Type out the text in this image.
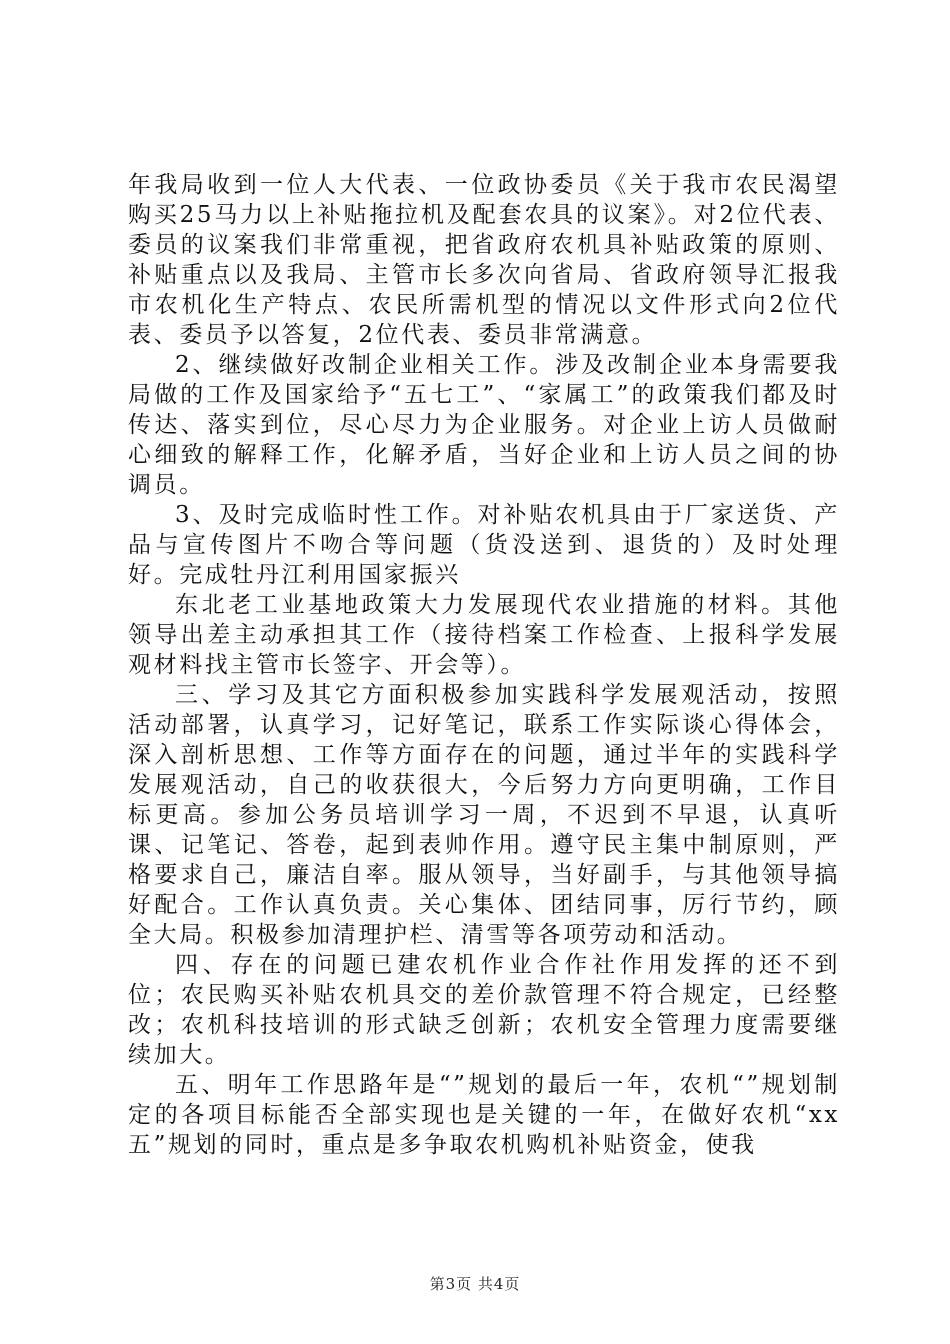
年我局收到一位人大代表、一位政协委员《关于我市农民渴望购买25马力以上补贴拖拉机及配套农具的议案》。对2位代表、委员的议案我们非常重视，把省政府农机具补贴政策的原则、补贴重点以及我局、主管市长多次向省局、省政府领导汇报我市农机化生产特点、农民所需机型的情况以文件形式向2位代表、委员予以答复，2位代表、委员非常满意。

2、继续做好改制企业相关工作。涉及改制企业本身需要我局做的工作及国家给予“五七工”、“家属工”的政策我们都及时传达、落实到位，尽心尽力为企业服务。对企业上访人员做耐心细致的解释工作，化解矛盾，当好企业和上访人员之间的协调员。

3、及时完成临时性工作。对补贴农机具由于厂家送货、产品与宣传图片不吻合等问题（货没送到、退货的）及时处理好。完成牡丹江利用国家振兴

东北老工业基地政策大力发展现代农业措施的材料。其他领导出差主动承担其工作（接待档案工作检查、上报科学发展观材料找主管市长签字、开会等）。

三、学习及其它方面积极参加实践科学发展观活动，按照活动部署，认真学习，记好笔记，联系工作实际谈心得体会，深入剖析思想、工作等方面存在的问题，通过半年的实践科学发展观活动，自己的收获很大，今后努力方向更明确，工作目标更高。参加公务员培训学习一周，不迟到不早退，认真听课、记笔记、答卷，起到表帅作用。遵守民主集中制原则，严格要求自己，廉洁自率。服从领导，当好副手，与其他领导搞好配合。工作认真负责。关心集体、团结同事，厉行节约，顾全大局。积极参加清理护栏、清雪等各项劳动和活动。

四、存在的问题已建农机作业合作社作用发挥的还不到位；农民购买补贴农机具交的差价款管理不符合规定，已经整改；农机科技培训的形式缺乏创新；农机安全管理力度需要继续加大。

五、明年工作思路年是“”规划的最后一年，农机“”规划制定的各项目标能否全部实现也是关键的一年，在做好农机“xx五”规划的同时，重点是多争取农机购机补贴资金，使我

第3页 共4页
